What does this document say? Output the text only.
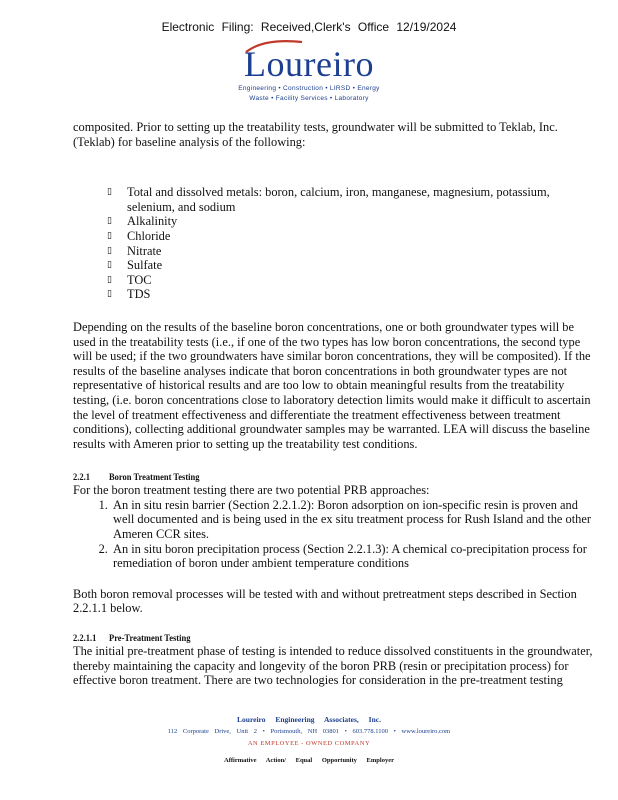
Electronic Filing: Received,Clerk's Office 12/19/2024
Loureiro
Engineering • Construction • LIRSD • Energy
Waste • Facility Services • Laboratory

composited. Prior to setting up the treatability tests, groundwater will be submitted to Teklab, Inc. (Teklab) for baseline analysis of the following:

▯ Total and dissolved metals: boron, calcium, iron, manganese, magnesium, potassium, selenium, and sodium
▯ Alkalinity
▯ Chloride
▯ Nitrate
▯ Sulfate
▯ TOC
▯ TDS

Depending on the results of the baseline boron concentrations, one or both groundwater types will be used in the treatability tests (i.e., if one of the two types has low boron concentrations, the second type will be used; if the two groundwaters have similar boron concentrations, they will be composited). If the results of the baseline analyses indicate that boron concentrations in both groundwater types are not representative of historical results and are too low to obtain meaningful results from the treatability testing, (i.e. boron concentrations close to laboratory detection limits would make it difficult to ascertain the level of treatment effectiveness and differentiate the treatment effectiveness between treatment conditions), collecting additional groundwater samples may be warranted. LEA will discuss the baseline results with Ameren prior to setting up the treatability test conditions.

2.2.1 Boron Treatment Testing

For the boron treatment testing there are two potential PRB approaches:

1. An in situ resin barrier (Section 2.2.1.2): Boron adsorption on ion-specific resin is proven and well documented and is being used in the ex situ treatment process for Rush Island and the other Ameren CCR sites.
2. An in situ boron precipitation process (Section 2.2.1.3): A chemical co-precipitation process for remediation of boron under ambient temperature conditions

Both boron removal processes will be tested with and without pretreatment steps described in Section 2.2.1.1 below.

2.2.1.1 Pre-Treatment Testing

The initial pre-treatment phase of testing is intended to reduce dissolved constituents in the groundwater, thereby maintaining the capacity and longevity of the boron PRB (resin or precipitation process) for effective boron treatment. There are two technologies for consideration in the pre-treatment testing

Loureiro Engineering Associates, Inc.
112 Corporate Drive, Unit 2 • Portsmouth, NH 03801 • 603.778.1100 • www.loureiro.com
AN EMPLOYEE - OWNED COMPANY
Affirmative Action/ Equal Opportunity Employer
